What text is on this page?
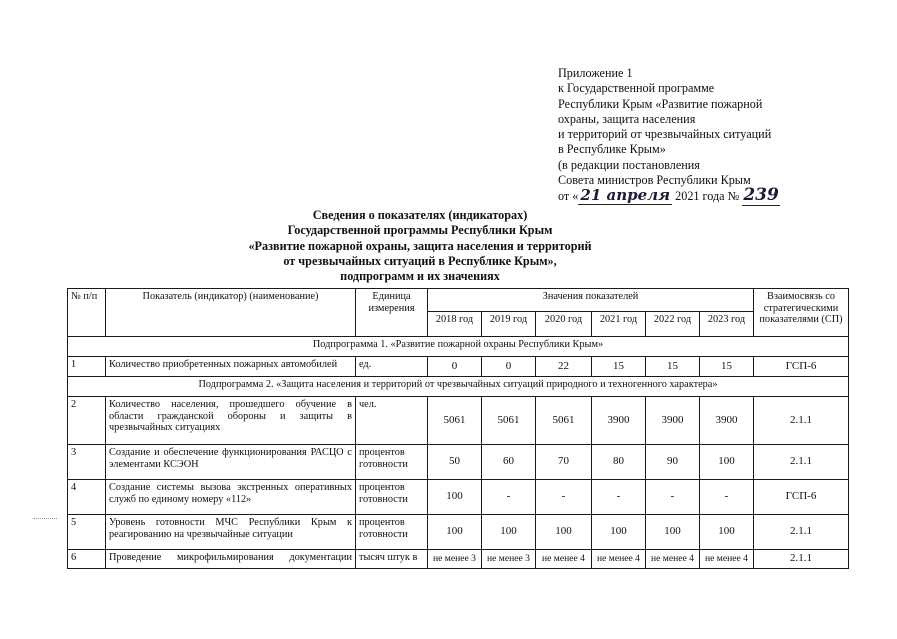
Приложение 1
к Государственной программе
Республики Крым «Развитие пожарной
охраны, защита населения
и территорий от чрезвычайных ситуаций
в Республике Крым»
(в редакции постановления
Совета министров Республики Крым
от « 21 апреля 2021 года № 239
Сведения о показателях (индикаторах)
Государственной программы Республики Крым
«Развитие пожарной охраны, защита населения и территорий
от чрезвычайных ситуаций в Республике Крым»,
подпрограмм и их значениях
№ п/п	Показатель (индикатор) (наименование)	Единица измерения	Значения показателей						Взаимосвязь со стратегическими показателями (СП)
			2018 год	2019 год	2020 год	2021 год	2022 год	2023 год	
Подпрограмма 1. «Развитие пожарной охраны Республики Крым»									
1	Количество приобретенных пожарных автомобилей	ед.	0	0	22	15	15	15	ГСП-6
Подпрограмма 2. «Защита населения и территорий от чрезвычайных ситуаций природного и техногенного характера»									
2	Количество населения, прошедшего обучение в области гражданской обороны и защиты в чрезвычайных ситуациях	чел.	5061	5061	5061	3900	3900	3900	2.1.1
3	Создание и обеспечение функционирования РАСЦО с элементами КСЭОН	процентов готовности	50	60	70	80	90	100	2.1.1
4	Создание системы вызова экстренных оперативных служб по единому номеру «112»	процентов готовности	100	-	-	-	-	-	ГСП-6
5	Уровень готовности МЧС Республики Крым к реагированию на чрезвычайные ситуации	процентов готовности	100	100	100	100	100	100	2.1.1
6	Проведение микрофильмирования документации	тысяч штук в	не менее 3	не менее 3	не менее 4	не менее 4	не менее 4	не менее 4	2.1.1
